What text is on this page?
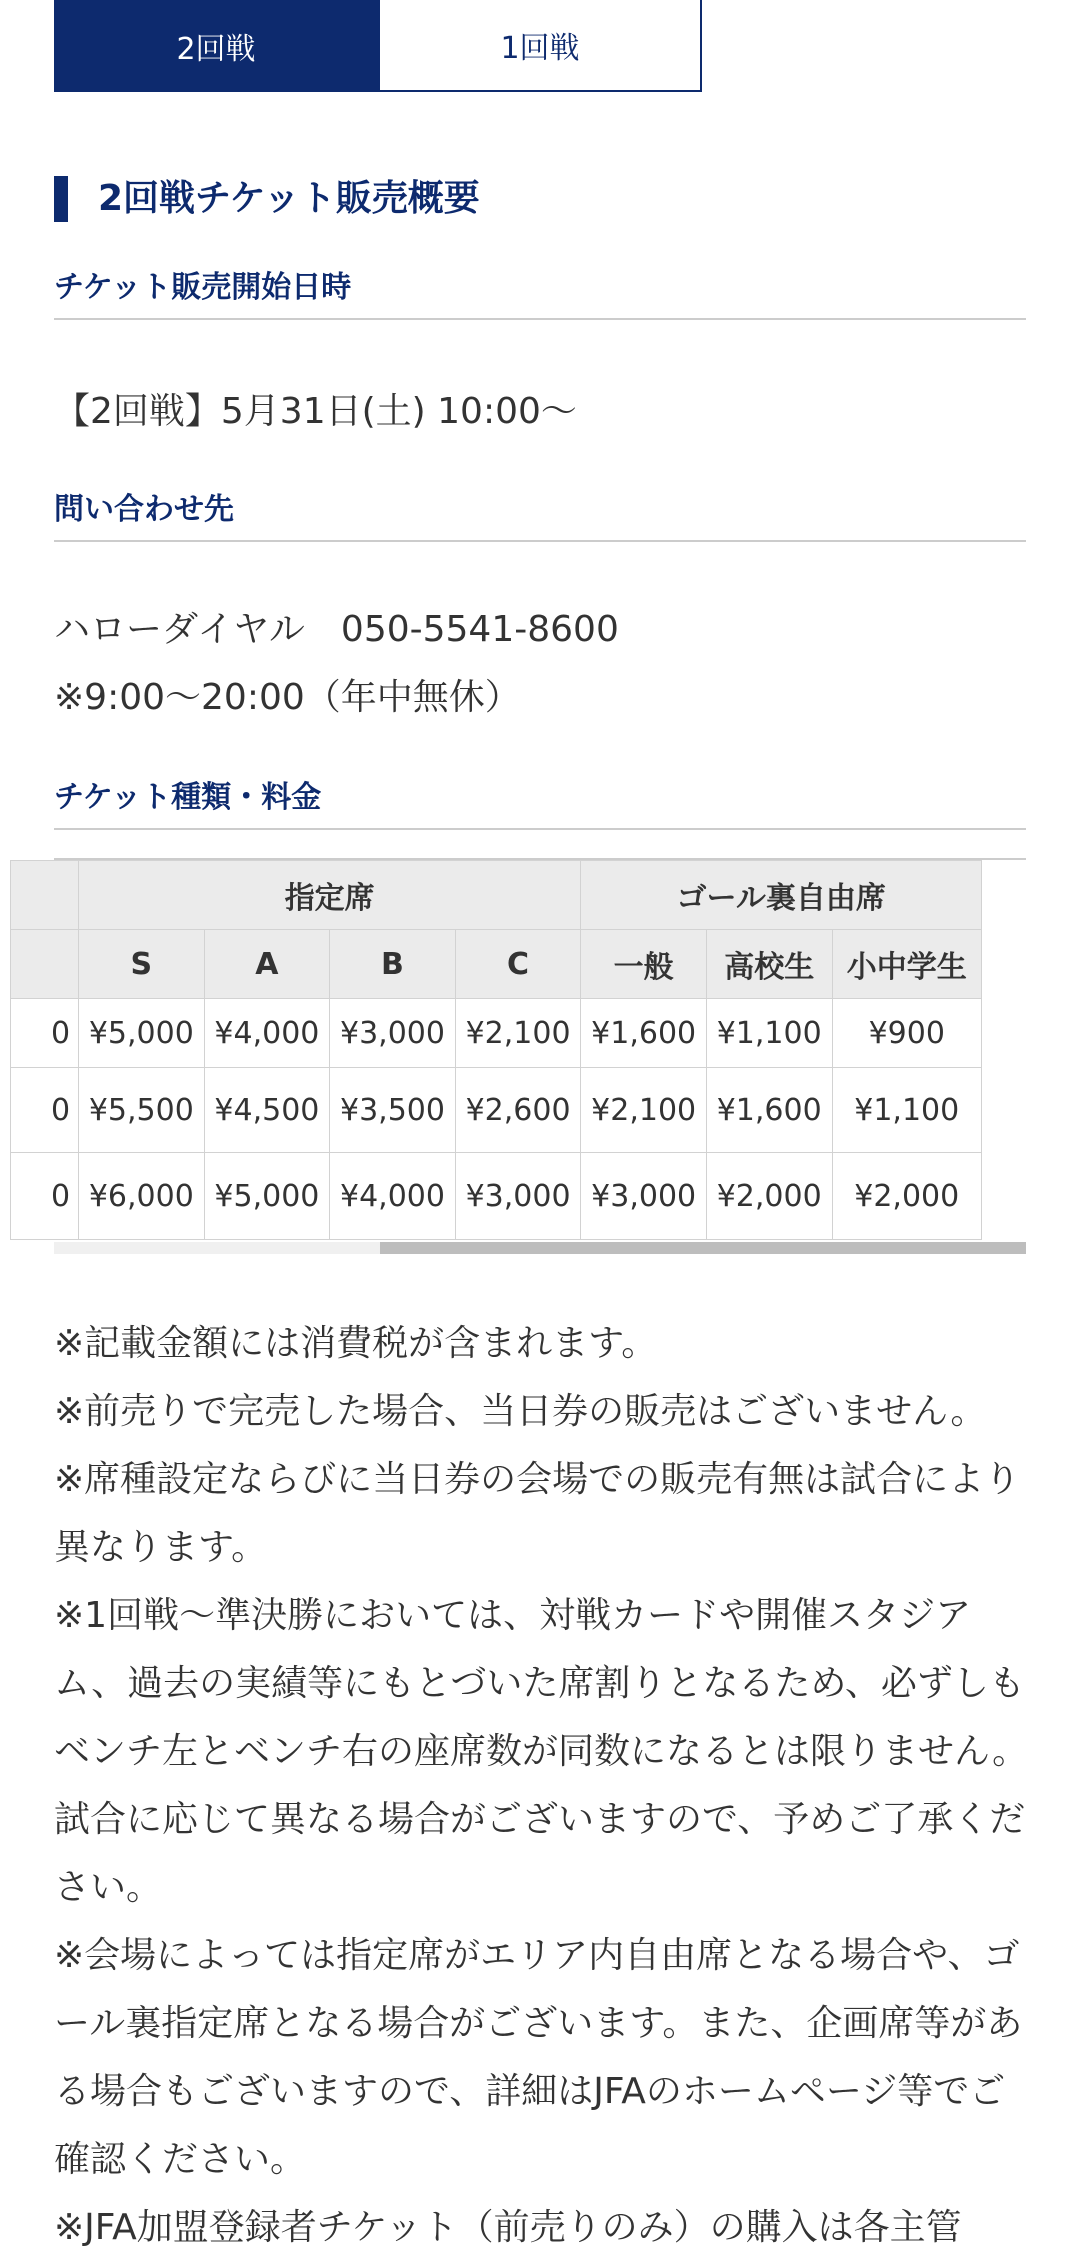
2回戦	1回戦
2回戦チケット販売概要
チケット販売開始日時
【2回戦】5月31日(土) 10:00〜
問い合わせ先
ハローダイヤル　050-5541-8600
※9:00〜20:00（年中無休）
チケット種類・料金
	指定席				ゴール裏自由席		
	S	A	B	C	一般	高校生	小中学生
0	¥5,000	¥4,000	¥3,000	¥2,100	¥1,600	¥1,100	¥900
0	¥5,500	¥4,500	¥3,500	¥2,600	¥2,100	¥1,600	¥1,100
0	¥6,000	¥5,000	¥4,000	¥3,000	¥3,000	¥2,000	¥2,000

※記載金額には消費税が含まれます。

※前売りで完売した場合、当日券の販売はございません。

※席種設定ならびに当日券の会場での販売有無は試合により異なります。

※1回戦〜準決勝においては、対戦カードや開催スタジアム、過去の実績等にもとづいた席割りとなるため、必ずしもベンチ左とベンチ右の座席数が同数になるとは限りません。試合に応じて異なる場合がございますので、予めご了承ください。

※会場によっては指定席がエリア内自由席となる場合や、ゴール裏指定席となる場合がございます。また、企画席等がある場合もございますので、詳細はJFAのホームページ等でご確認ください。

※JFA加盟登録者チケット（前売りのみ）の購入は各主管
